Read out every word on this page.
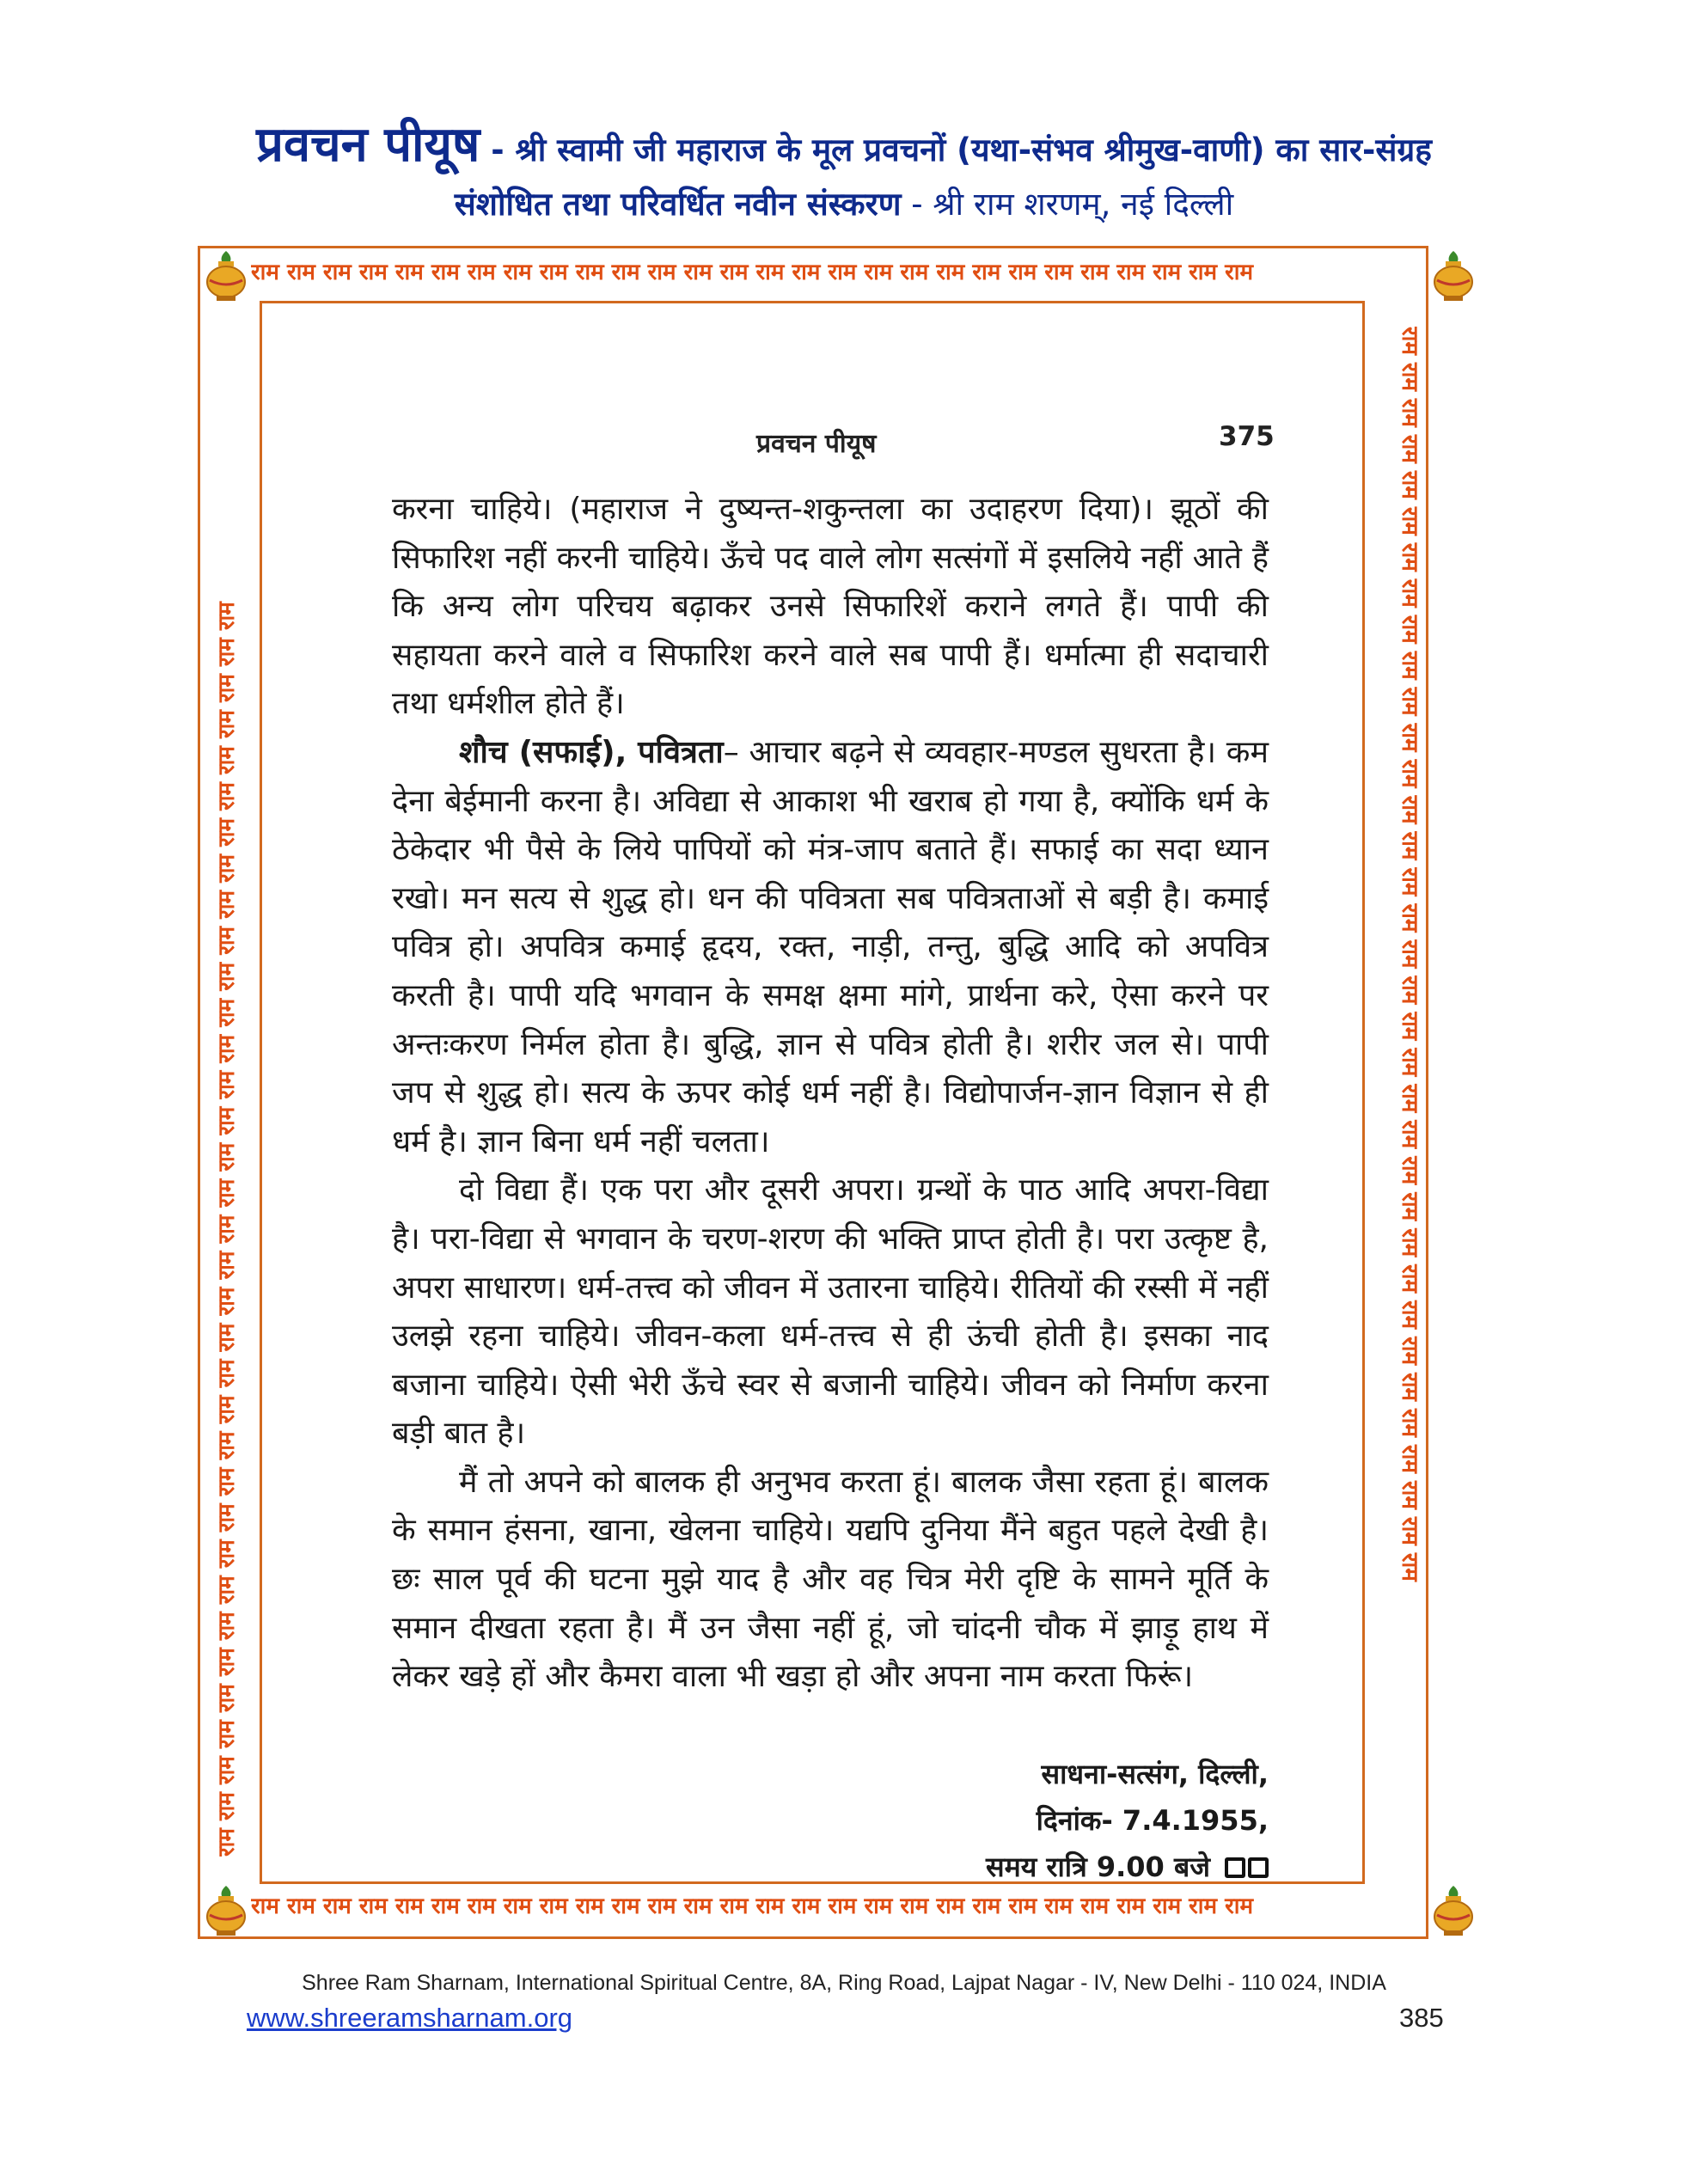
प्रवचन पीयूष - श्री स्वामी जी महाराज के मूल प्रवचनों (यथा-संभव श्रीमुख-वाणी) का सार-संग्रह
संशोधित तथा परिवर्धित नवीन संस्करण - श्री राम शरणम्, नई दिल्ली
राम राम राम राम राम राम राम राम राम राम राम राम राम राम राम राम राम राम राम राम राम राम राम राम राम राम राम राम
राम राम राम राम राम राम राम राम राम राम राम राम राम राम राम राम राम राम राम राम राम राम राम राम राम राम राम राम
राम राम राम राम राम राम राम राम राम राम राम राम राम राम राम राम राम राम राम राम राम राम राम राम राम राम राम राम राम राम राम राम राम राम राम	राम राम राम राम राम राम राम राम राम राम राम राम राम राम राम राम राम राम राम राम राम राम राम राम राम राम राम राम राम राम राम राम राम राम राम
प्रवचन पीयूष	375

करना चाहिये। (महाराज ने दुष्यन्त-शकुन्तला का उदाहरण दिया)। झूठों की सिफारिश नहीं करनी चाहिये। ऊँचे पद वाले लोग सत्संगों में इसलिये नहीं आते हैं कि अन्य लोग परिचय बढ़ाकर उनसे सिफारिशें कराने लगते हैं। पापी की सहायता करने वाले व सिफारिश करने वाले सब पापी हैं। धर्मात्मा ही सदाचारी तथा धर्मशील होते हैं।

शौच (सफाई), पवित्रता– आचार बढ़ने से व्यवहार-मण्डल सुधरता है। कम देना बेईमानी करना है। अविद्या से आकाश भी खराब हो गया है, क्योंकि धर्म के ठेकेदार भी पैसे के लिये पापियों को मंत्र-जाप बताते हैं। सफाई का सदा ध्यान रखो। मन सत्य से शुद्ध हो। धन की पवित्रता सब पवित्रताओं से बड़ी है। कमाई पवित्र हो। अपवित्र कमाई हृदय, रक्त, नाड़ी, तन्तु, बुद्धि आदि को अपवित्र करती है। पापी यदि भगवान के समक्ष क्षमा मांगे, प्रार्थना करे, ऐसा करने पर अन्तःकरण निर्मल होता है। बुद्धि, ज्ञान से पवित्र होती है। शरीर जल से। पापी जप से शुद्ध हो। सत्य के ऊपर कोई धर्म नहीं है। विद्योपार्जन-ज्ञान विज्ञान से ही धर्म है। ज्ञान बिना धर्म नहीं चलता।

दो विद्या हैं। एक परा और दूसरी अपरा। ग्रन्थों के पाठ आदि अपरा-विद्या है। परा-विद्या से भगवान के चरण-शरण की भक्ति प्राप्त होती है। परा उत्कृष्ट है, अपरा साधारण। धर्म-तत्त्व को जीवन में उतारना चाहिये। रीतियों की रस्सी में नहीं उलझे रहना चाहिये। जीवन-कला धर्म-तत्त्व से ही ऊंची होती है। इसका नाद बजाना चाहिये। ऐसी भेरी ऊँचे स्वर से बजानी चाहिये। जीवन को निर्माण करना बड़ी बात है।

मैं तो अपने को बालक ही अनुभव करता हूं। बालक जैसा रहता हूं। बालक के समान हंसना, खाना, खेलना चाहिये। यद्यपि दुनिया मैंने बहुत पहले देखी है। छः साल पूर्व की घटना मुझे याद है और वह चित्र मेरी दृष्टि के सामने मूर्ति के समान दीखता रहता है। मैं उन जैसा नहीं हूं, जो चांदनी चौक में झाड़ू हाथ में लेकर खड़े हों और कैमरा वाला भी खड़ा हो और अपना नाम करता फिरूं।

साधना-सत्संग, दिल्ली,
दिनांक- 7.4.1955,
समय रात्रि 9.00 बजे
Shree Ram Sharnam, International Spiritual Centre, 8A, Ring Road, Lajpat Nagar - IV, New Delhi - 110 024, INDIA
www.shreeramsharnam.org	385
